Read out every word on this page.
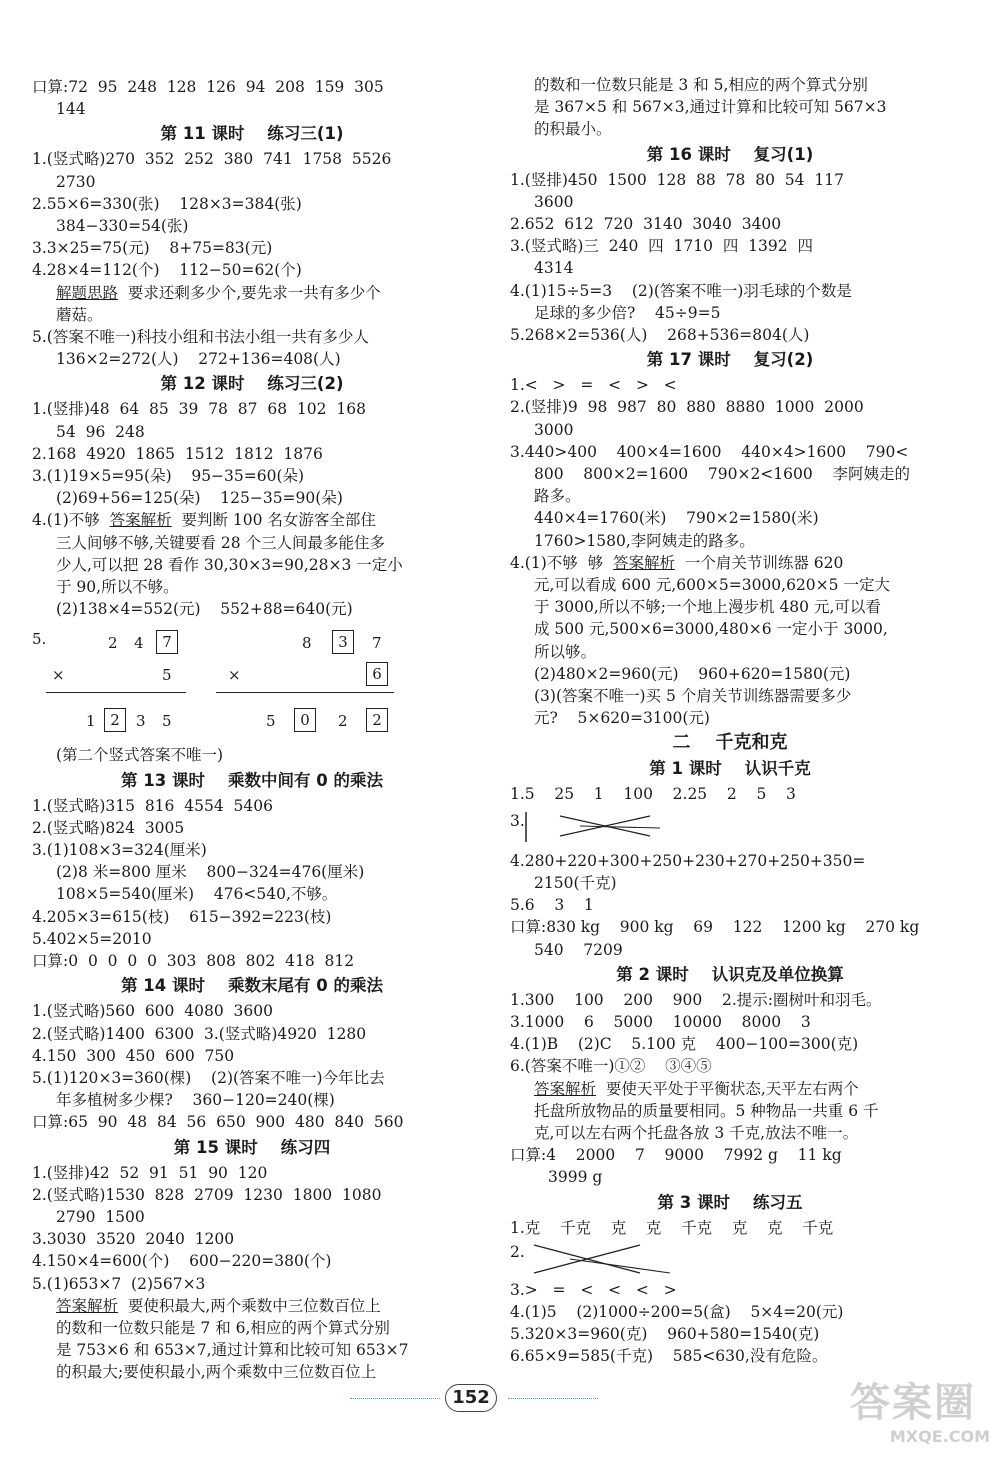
口算:72  95  248  128  126  94  208  159  305
144
第 11 课时    练习三(1)
1.(竖式略)270  352  252  380  741  1758  5526
2730
2.55×6=330(张)    128×3=384(张)
384−330=54(张)
3.3×25=75(元)    8+75=83(元)
4.28×4=112(个)    112−50=62(个)
解题思路  要求还剩多少个,要先求一共有多少个
蘑菇。
5.(答案不唯一)科技小组和书法小组一共有多少人
136×2=272(人)    272+136=408(人)
第 12 课时    练习三(2)
1.(竖排)48  64  85  39  78  87  68  102  168
54  96  248
2.168  4920  1865  1512  1812  1876
3.(1)19×5=95(朵)    95−35=60(朵)
(2)69+56=125(朵)    125−35=90(朵)
4.(1)不够  答案解析  要判断 100 名女游客全部住
三人间够不够,关键要看 28 个三人间最多能住多
少人,可以把 28 看作 30,30×3=90,28×3 一定小
于 90,所以不够。
(2)138×4=552(元)    552+88=640(元)
5.	2 4	7
×	5
1 2	3 5
8	3	7
×	6
5	0	2	2
(第二个竖式答案不唯一)
第 13 课时    乘数中间有 0 的乘法
1.(竖式略)315  816  4554  5406
2.(竖式略)824  3005
3.(1)108×3=324(厘米)
(2)8 米=800 厘米    800−324=476(厘米)
108×5=540(厘米)    476<540,不够。
4.205×3=615(枝)    615−392=223(枝)
5.402×5=2010
口算:0  0  0  0  0  303  808  802  418  812
第 14 课时    乘数末尾有 0 的乘法
1.(竖式略)560  600  4080  3600
2.(竖式略)1400  6300  3.(竖式略)4920  1280
4.150  300  450  600  750
5.(1)120×3=360(棵)    (2)(答案不唯一)今年比去
年多植树多少棵?    360−120=240(棵)
口算:65  90  48  84  56  650  900  480  840  560
第 15 课时    练习四
1.(竖排)42  52  91  51  90  120
2.(竖式略)1530  828  2709  1230  1800  1080
2790  1500
3.3030  3520  2040  1200
4.150×4=600(个)    600−220=380(个)
5.(1)653×7  (2)567×3
答案解析  要使积最大,两个乘数中三位数百位上
的数和一位数只能是 7 和 6,相应的两个算式分别
是 753×6 和 653×7,通过计算和比较可知 653×7
的积最大;要使积最小,两个乘数中三位数百位上
的数和一位数只能是 3 和 5,相应的两个算式分别
是 367×5 和 567×3,通过计算和比较可知 567×3
的积最小。
第 16 课时    复习(1)
1.(竖排)450  1500  128  88  78  80  54  117
3600
2.652  612  720  3140  3040  3400
3.(竖式略)三  240  四  1710  四  1392  四
4314
4.(1)15÷5=3    (2)(答案不唯一)羽毛球的个数是
足球的多少倍?    45÷9=5
5.268×2=536(人)    268+536=804(人)
第 17 课时    复习(2)
1.<   >   =   <   >   <
2.(竖排)9  98  987  80  880  8880  1000  2000
3000
3.440>400    400×4=1600    440×4>1600    790<
800    800×2=1600    790×2<1600    李阿姨走的
路多。
440×4=1760(米)    790×2=1580(米)
1760>1580,李阿姨走的路多。
4.(1)不够  够  答案解析  一个肩关节训练器 620
元,可以看成 600 元,600×5=3000,620×5 一定大
于 3000,所以不够;一个地上漫步机 480 元,可以看
成 500 元,500×6=3000,480×6 一定小于 3000,
所以够。
(2)480×2=960(元)    960+620=1580(元)
(3)(答案不唯一)买 5 个肩关节训练器需要多少
元?    5×620=3100(元)
二    千克和克
第 1 课时    认识千克
1.5    25    1    100    2.25    2    5    3
3.
4.280+220+300+250+230+270+250+350=
2150(千克)
5.6    3    1
口算:830 kg    900 kg    69    122    1200 kg    270 kg
540    7209
第 2 课时    认识克及单位换算
1.300    100    200    900    2.提示:圈树叶和羽毛。
3.1000    6    5000    10000    8000    3
4.(1)B    (2)C    5.100 克    400−100=300(克)
6.(答案不唯一)①②    ③④⑤
答案解析  要使天平处于平衡状态,天平左右两个
托盘所放物品的质量要相同。5 种物品一共重 6 千
克,可以左右两个托盘各放 3 千克,放法不唯一。
口算:4    2000    7    9000    7992 g    11 kg
3999 g
第 3 课时    练习五
1.克    千克    克    克    千克    克    克    千克
2.
3.>   =   <   <   <   >
4.(1)5    (2)1000÷200=5(盒)    5×4=20(元)
5.320×3=960(克)    960+580=1540(克)
6.65×9=585(千克)    585<630,没有危险。
152	答案圈
MXQE.COM
